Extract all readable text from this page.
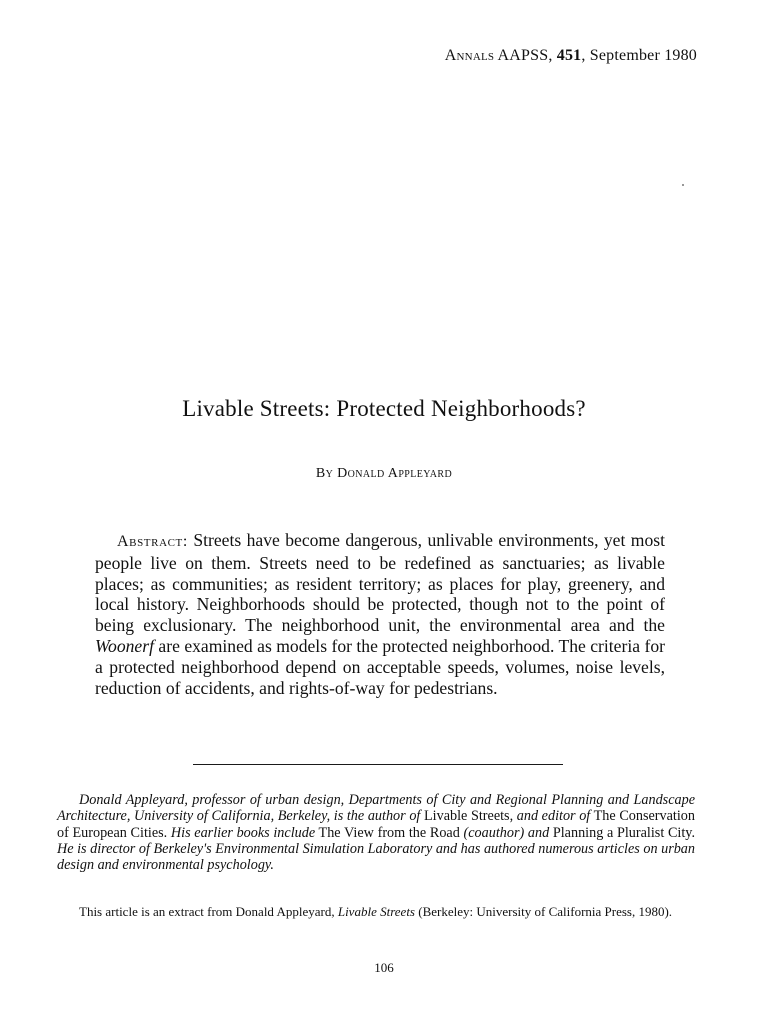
Annals AAPSS, 451, September 1980
Livable Streets: Protected Neighborhoods?
By Donald Appleyard
Abstract: Streets have become dangerous, unlivable environments, yet most people live on them. Streets need to be redefined as sanctuaries; as livable places; as communities; as resident territory; as places for play, greenery, and local history. Neighborhoods should be protected, though not to the point of being exclusionary. The neighborhood unit, the environmental area and the Woonerf are examined as models for the protected neighborhood. The criteria for a protected neighborhood depend on acceptable speeds, volumes, noise levels, reduction of accidents, and rights-of-way for pedestrians.
Donald Appleyard, professor of urban design, Departments of City and Regional Planning and Landscape Architecture, University of California, Berkeley, is the author of Livable Streets, and editor of The Conservation of European Cities. His earlier books include The View from the Road (coauthor) and Planning a Pluralist City. He is director of Berkeley's Environmental Simulation Laboratory and has authored numerous articles on urban design and environmental psychology.
This article is an extract from Donald Appleyard, Livable Streets (Berkeley: University of California Press, 1980).
106
